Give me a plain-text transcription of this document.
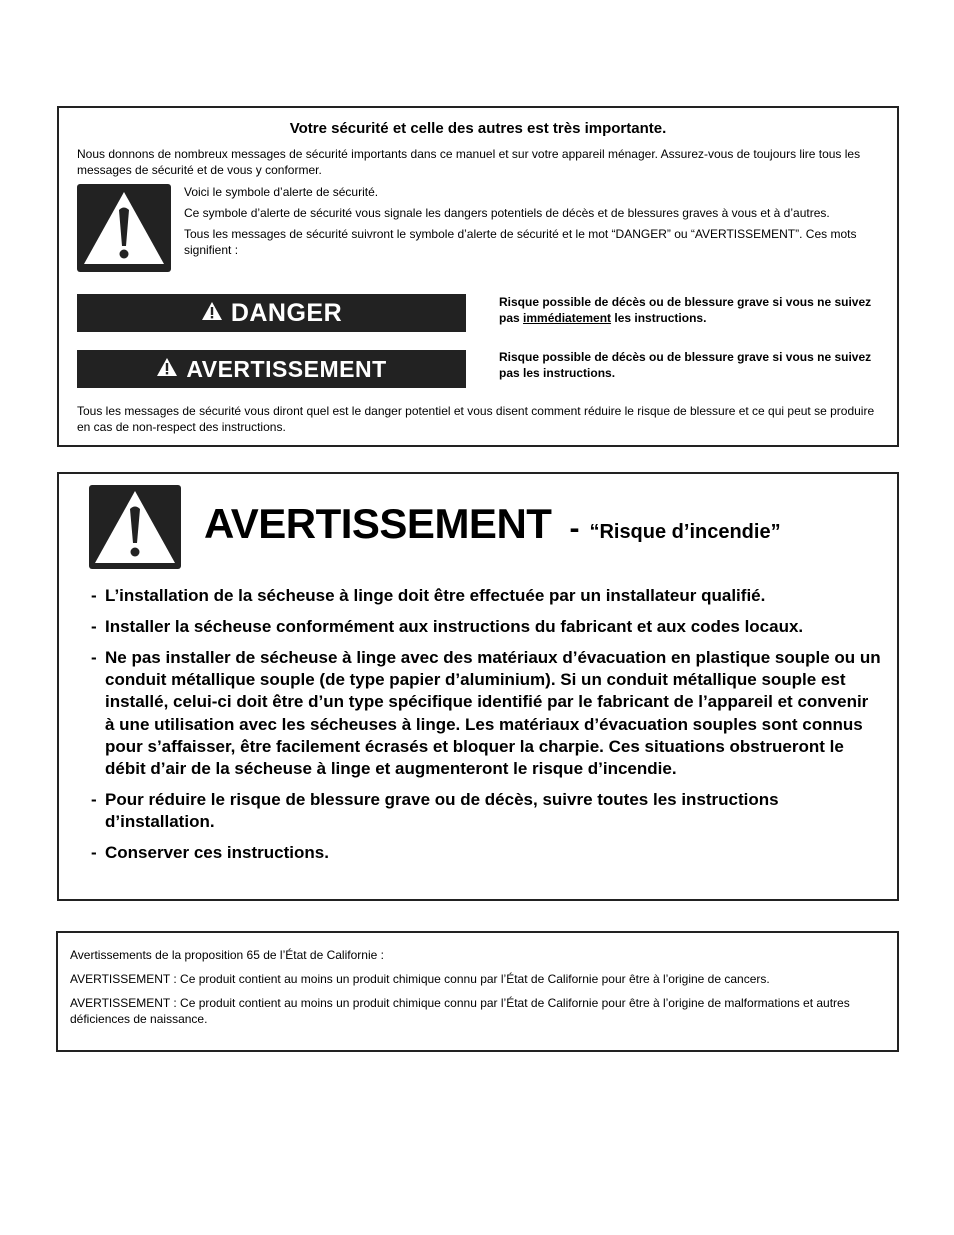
Votre sécurité et celle des autres est très importante.
Nous donnons de nombreux messages de sécurité importants dans ce manuel et sur votre appareil ménager. Assurez-vous de toujours lire tous les messages de sécurité et de vous y conformer.

Voici le symbole d’alerte de sécurité.

Ce symbole d’alerte de sécurité vous signale les dangers potentiels de décès et de blessures graves à vous et à d’autres.

Tous les messages de sécurité suivront le symbole d’alerte de sécurité et le mot “DANGER” ou “AVERTISSEMENT”. Ces mots signifient :

DANGER	Risque possible de décès ou de blessure grave si vous ne suivez pas immédiatement les instructions.
AVERTISSEMENT	Risque possible de décès ou de blessure grave si vous ne suivez pas les instructions.
Tous les messages de sécurité vous diront quel est le danger potentiel et vous disent comment réduire le risque de blessure et ce qui peut se produire en cas de non-respect des instructions.
AVERTISSEMENT - “Risque d’incendie”
- L’installation de la sécheuse à linge doit être effectuée par un installateur qualifié.
- Installer la sécheuse conformément aux instructions du fabricant et aux codes locaux.
- Ne pas installer de sécheuse à linge avec des matériaux d’évacuation en plastique souple ou un conduit métallique souple (de type papier d’aluminium). Si un conduit métallique souple est installé, celui-ci doit être d’un type spécifique identifié par le fabricant de l’appareil et convenir à une utilisation avec les sécheuses à linge. Les matériaux d’évacuation souples sont connus pour s’affaisser, être facilement écrasés et bloquer la charpie. Ces situations obstrueront le débit d’air de la sécheuse à linge et augmenteront le risque d’incendie.
- Pour réduire le risque de blessure grave ou de décès, suivre toutes les instructions d’installation.
- Conserver ces instructions.

Avertissements de la proposition 65 de l’État de Californie :

AVERTISSEMENT : Ce produit contient au moins un produit chimique connu par l’État de Californie pour être à l’origine de cancers.

AVERTISSEMENT : Ce produit contient au moins un produit chimique connu par l’État de Californie pour être à l’origine de malformations et autres déficiences de naissance.
